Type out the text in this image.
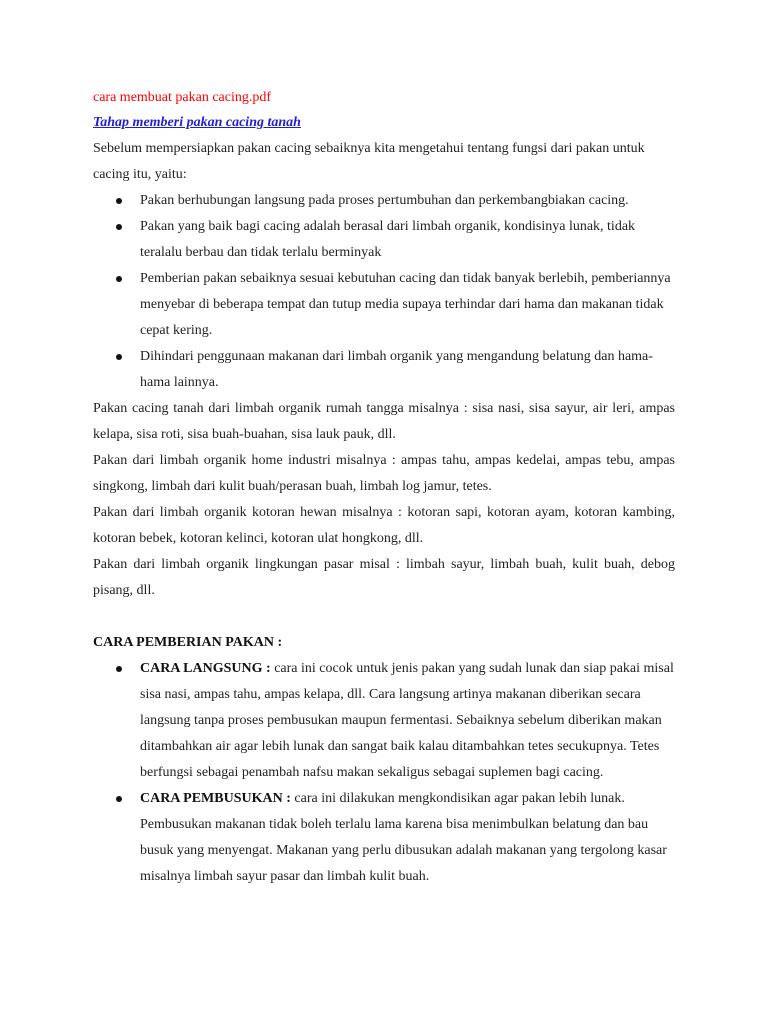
cara membuat pakan cacing.pdf
Tahap memberi pakan cacing tanah

Sebelum mempersiapkan pakan cacing sebaiknya kita mengetahui tentang fungsi dari pakan untuk cacing itu, yaitu:

Pakan berhubungan langsung pada proses pertumbuhan dan perkembangbiakan cacing.
Pakan yang baik bagi cacing adalah berasal dari limbah organik, kondisinya lunak, tidak teralalu berbau dan tidak terlalu berminyak
Pemberian pakan sebaiknya sesuai kebutuhan cacing dan tidak banyak berlebih, pemberiannya menyebar di beberapa tempat dan tutup media supaya terhindar dari hama dan makanan tidak cepat kering.
Dihindari penggunaan makanan dari limbah organik yang mengandung belatung dan hama-hama lainnya.

Pakan cacing tanah dari limbah organik rumah tangga misalnya : sisa nasi, sisa sayur, air leri, ampas kelapa, sisa roti, sisa buah-buahan, sisa lauk pauk, dll.

Pakan dari limbah organik home industri misalnya : ampas tahu, ampas kedelai, ampas tebu, ampas singkong, limbah dari kulit buah/perasan buah, limbah log jamur, tetes.

Pakan dari limbah organik kotoran hewan misalnya : kotoran sapi, kotoran ayam, kotoran kambing, kotoran bebek, kotoran kelinci, kotoran ulat hongkong, dll.

Pakan dari limbah organik lingkungan pasar misal : limbah sayur, limbah buah, kulit buah, debog pisang, dll.

CARA PEMBERIAN PAKAN :

CARA LANGSUNG : cara ini cocok untuk jenis pakan yang sudah lunak dan siap pakai misal sisa nasi, ampas tahu, ampas kelapa, dll. Cara langsung artinya makanan diberikan secara langsung tanpa proses pembusukan maupun fermentasi. Sebaiknya sebelum diberikan makan ditambahkan air agar lebih lunak dan sangat baik kalau ditambahkan tetes secukupnya. Tetes berfungsi sebagai penambah nafsu makan sekaligus sebagai suplemen bagi cacing.
CARA PEMBUSUKAN : cara ini dilakukan mengkondisikan agar pakan lebih lunak. Pembusukan makanan tidak boleh terlalu lama karena bisa menimbulkan belatung dan bau busuk yang menyengat. Makanan yang perlu dibusukan adalah makanan yang tergolong kasar misalnya limbah sayur pasar dan limbah kulit buah.
